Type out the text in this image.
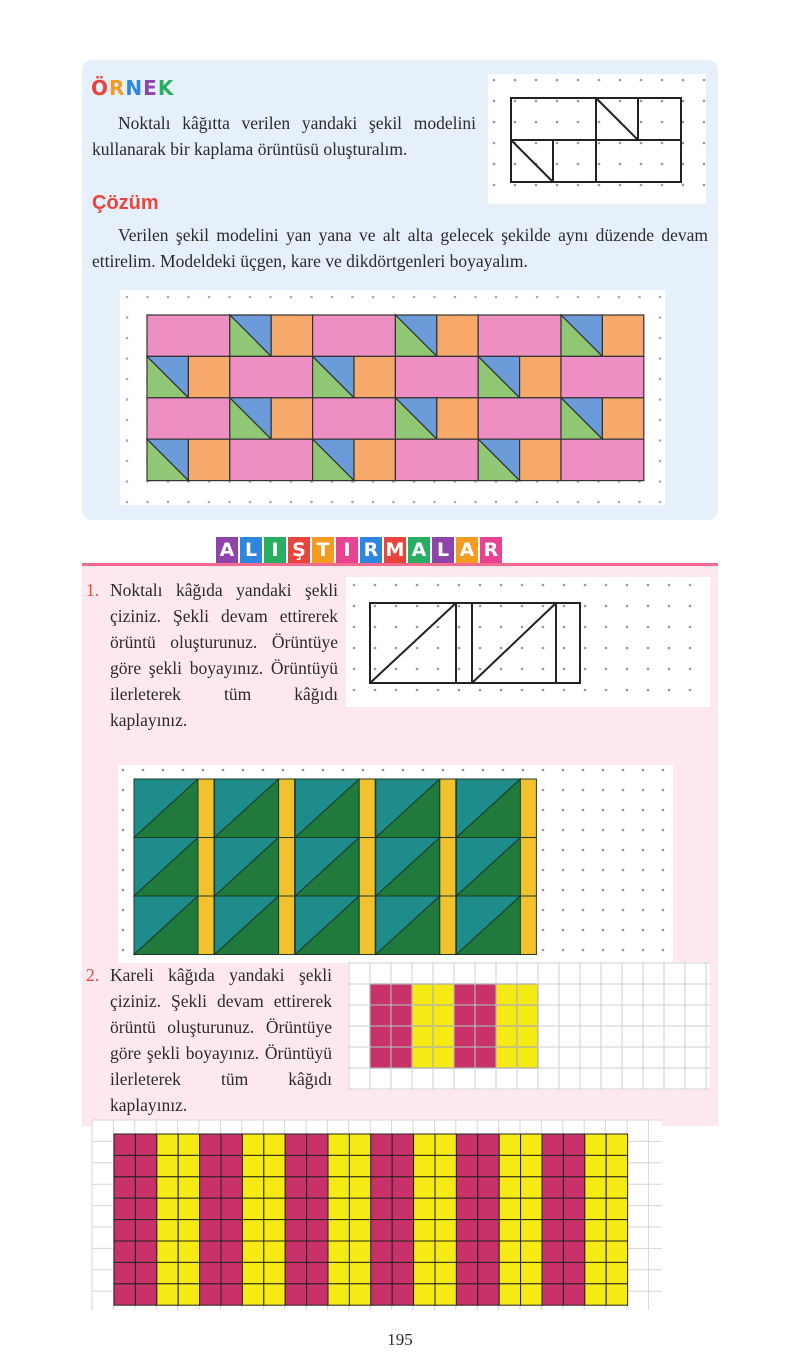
ÖRNEK
Noktalı kâğıtta verilen yandaki şekil modelini kullanarak bir kaplama örüntüsü oluşturalım.
Çözüm
Verilen şekil modelini yan yana ve alt alta gelecek şekilde aynı düzende devam ettirelim. Modeldeki üçgen, kare ve dikdörtgenleri boyayalım.
A L I Ş T I R M A L A R
1. Noktalı kâğıda yandaki şekli çiziniz. Şekli devam ettirerek örüntü oluşturunuz. Örüntüye göre şekli boyayınız. Örüntüyü ilerleterek tüm kâğıdı kaplayınız.
2. Kareli kâğıda yandaki şekli çiziniz. Şekli devam ettirerek örüntü oluşturunuz. Örüntüye göre şekli boyayınız. Örüntüyü ilerleterek tüm kâğıdı kaplayınız.
195
